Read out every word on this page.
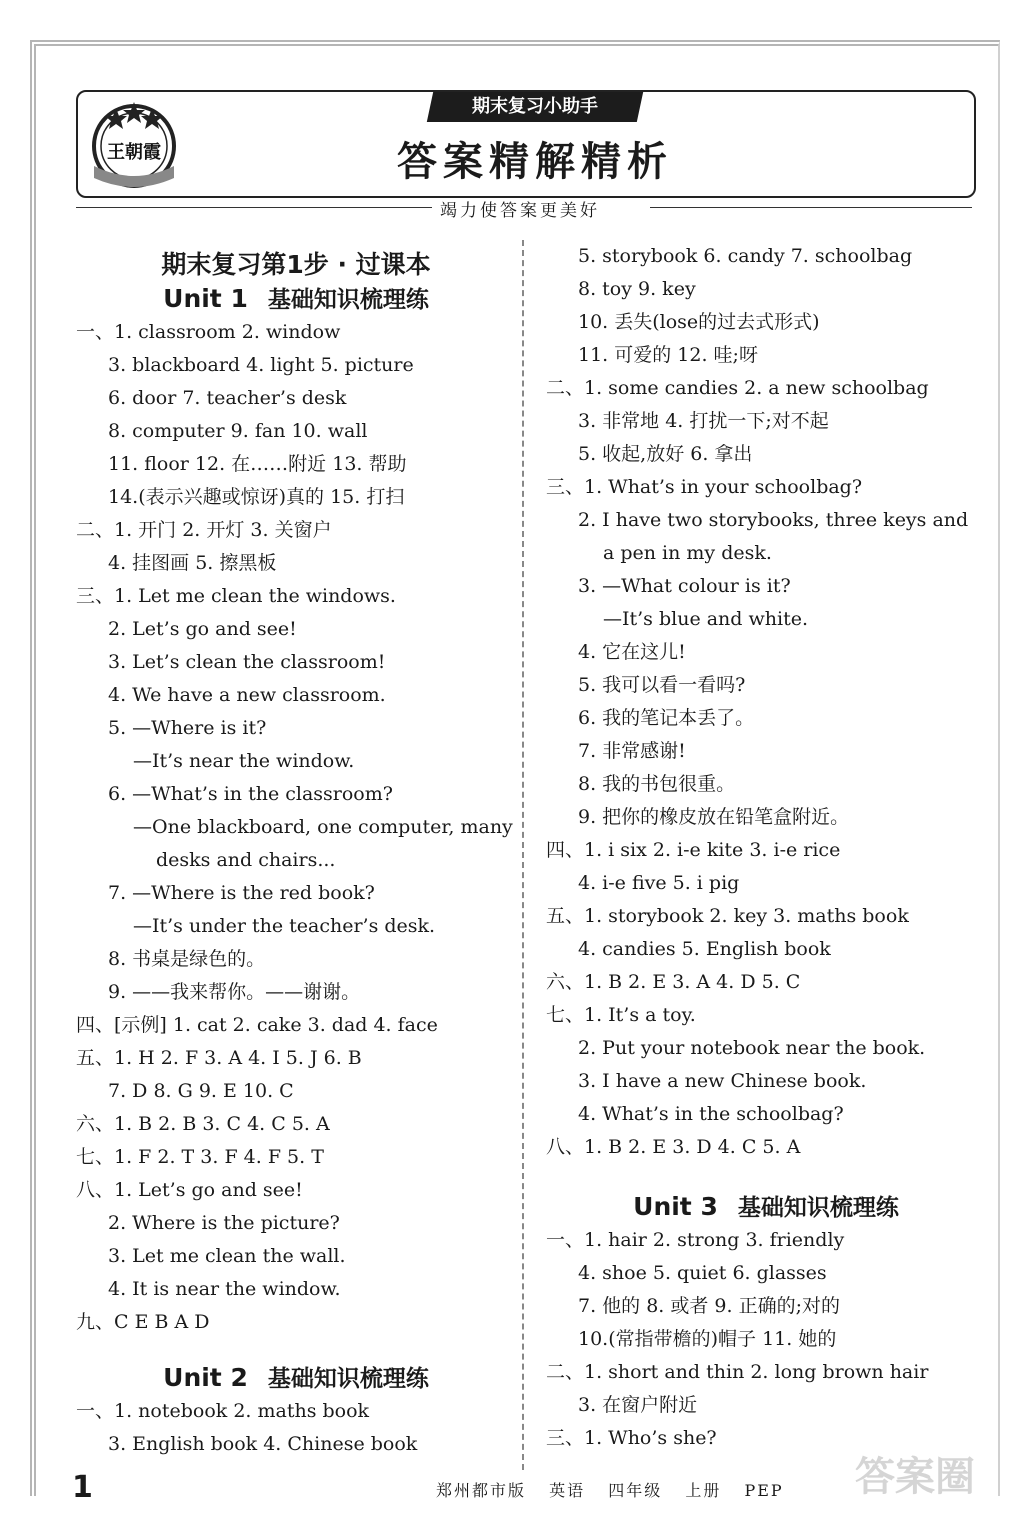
王朝霞
期末复习小助手
答案精解精析
竭力使答案更美好
期末复习第1步 · 过课本
Unit 1 基础知识梳理练
一、1. classroom 2. window
3. blackboard 4. light 5. picture
6. door 7. teacher’s desk
8. computer 9. fan 10. wall
11. floor 12. 在……附近 13. 帮助
14.(表示兴趣或惊讶)真的 15. 打扫
二、1. 开门 2. 开灯 3. 关窗户
4. 挂图画 5. 擦黑板
三、1. Let me clean the windows.
2. Let’s go and see!
3. Let’s clean the classroom!
4. We have a new classroom.
5. —Where is it?
—It’s near the window.
6. —What’s in the classroom?
—One blackboard, one computer, many
desks and chairs...
7. —Where is the red book?
—It’s under the teacher’s desk.
8. 书桌是绿色的。
9. ——我来帮你。——谢谢。
四、[示例] 1. cat 2. cake 3. dad 4. face
五、1. H 2. F 3. A 4. I 5. J 6. B
7. D 8. G 9. E 10. C
六、1. B 2. B 3. C 4. C 5. A
七、1. F 2. T 3. F 4. F 5. T
八、1. Let’s go and see!
2. Where is the picture?
3. Let me clean the wall.
4. It is near the window.
九、C E B A D
Unit 2 基础知识梳理练
一、1. notebook 2. maths book
3. English book 4. Chinese book
5. storybook 6. candy 7. schoolbag
8. toy 9. key
10. 丢失(lose的过去式形式)
11. 可爱的 12. 哇;呀
二、1. some candies 2. a new schoolbag
3. 非常地 4. 打扰一下;对不起
5. 收起,放好 6. 拿出
三、1. What’s in your schoolbag?
2. I have two storybooks, three keys and
a pen in my desk.
3. —What colour is it?
—It’s blue and white.
4. 它在这儿!
5. 我可以看一看吗?
6. 我的笔记本丢了。
7. 非常感谢!
8. 我的书包很重。
9. 把你的橡皮放在铅笔盒附近。
四、1. i six 2. i-e kite 3. i-e rice
4. i-e five 5. i pig
五、1. storybook 2. key 3. maths book
4. candies 5. English book
六、1. B 2. E 3. A 4. D 5. C
七、1. It’s a toy.
2. Put your notebook near the book.
3. I have a new Chinese book.
4. What’s in the schoolbag?
八、1. B 2. E 3. D 4. C 5. A
Unit 3 基础知识梳理练
一、1. hair 2. strong 3. friendly
4. shoe 5. quiet 6. glasses
7. 他的 8. 或者 9. 正确的;对的
10.(常指带檐的)帽子 11. 她的
二、1. short and thin 2. long brown hair
3. 在窗户附近
三、1. Who’s she?
1	郑州都市版 英语 四年级 上册 PEP	答案圈
